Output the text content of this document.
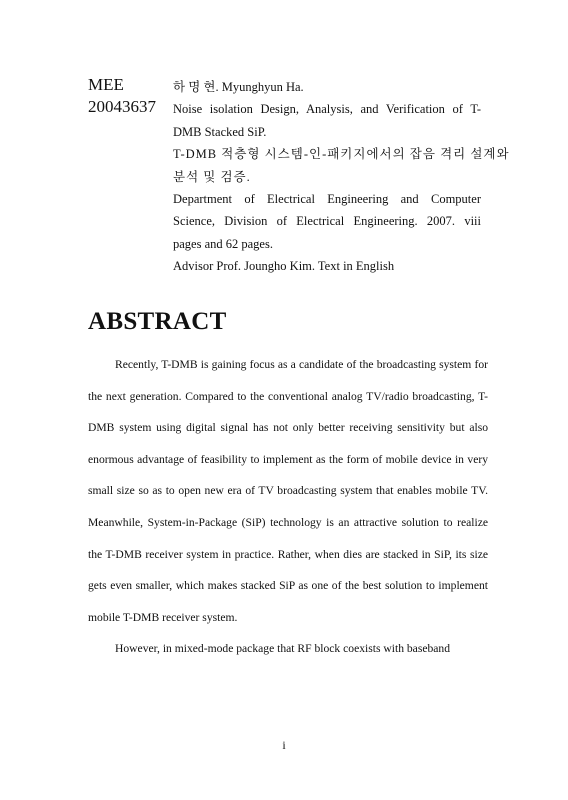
MEE
20043637
하 명 현. Myunghyun Ha.
Noise isolation Design, Analysis, and Verification of T-
DMB Stacked SiP.
T-DMB 적층형 시스템-인-패키지에서의 잡음 격리 설계와
분석 및 검증.
Department of Electrical Engineering and Computer
Science, Division of Electrical Engineering. 2007. viii
pages and 62 pages.
Advisor Prof. Joungho Kim. Text in English
ABSTRACT

Recently, T-DMB is gaining focus as a candidate of the broadcasting system for the next generation. Compared to the conventional analog TV/radio broadcasting, T-DMB system using digital signal has not only better receiving sensitivity but also enormous advantage of feasibility to implement as the form of mobile device in very small size so as to open new era of TV broadcasting system that enables mobile TV. Meanwhile, System-in-Package (SiP) technology is an attractive solution to realize the T-DMB receiver system in practice. Rather, when dies are stacked in SiP, its size gets even smaller, which makes stacked SiP as one of the best solution to implement mobile T-DMB receiver system.

However, in mixed-mode package that RF block coexists with baseband

i
